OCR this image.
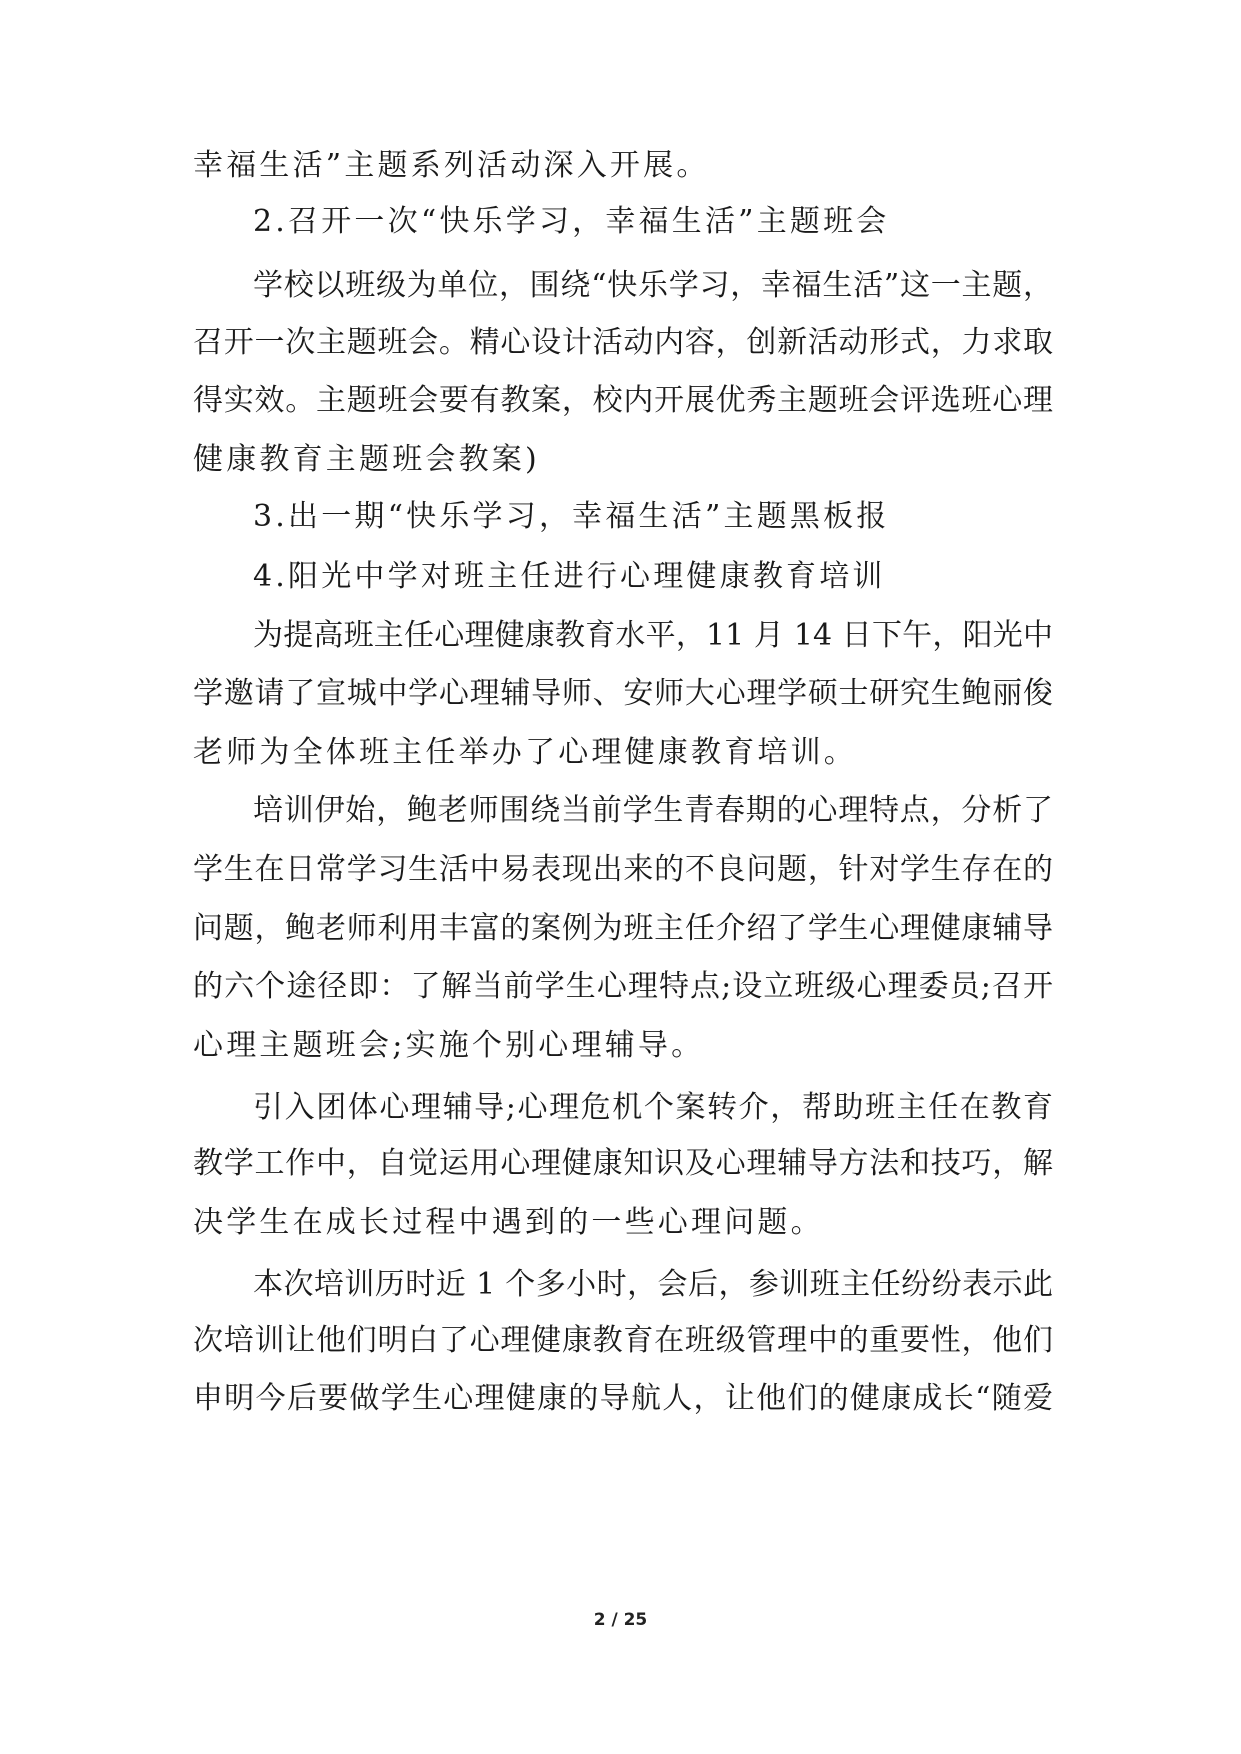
幸福生活”主题系列活动深入开展。
2.召开一次“快乐学习，幸福生活”主题班会
学校以班级为单位，围绕“快乐学习，幸福生活”这一主题，
召开一次主题班会。精心设计活动内容，创新活动形式，力求取
得实效。主题班会要有教案，校内开展优秀主题班会评选班心理
健康教育主题班会教案)
3.出一期“快乐学习，幸福生活”主题黑板报
4.阳光中学对班主任进行心理健康教育培训
为提高班主任心理健康教育水平，11 月 14 日下午，阳光中
学邀请了宣城中学心理辅导师、安师大心理学硕士研究生鲍丽俊
老师为全体班主任举办了心理健康教育培训。
培训伊始，鲍老师围绕当前学生青春期的心理特点，分析了
学生在日常学习生活中易表现出来的不良问题，针对学生存在的
问题，鲍老师利用丰富的案例为班主任介绍了学生心理健康辅导
的六个途径即：了解当前学生心理特点;设立班级心理委员;召开
心理主题班会;实施个别心理辅导。
引入团体心理辅导;心理危机个案转介，帮助班主任在教育
教学工作中，自觉运用心理健康知识及心理辅导方法和技巧，解
决学生在成长过程中遇到的一些心理问题。
本次培训历时近 1 个多小时，会后，参训班主任纷纷表示此
次培训让他们明白了心理健康教育在班级管理中的重要性，他们
申明今后要做学生心理健康的导航人，让他们的健康成长“随爱
2 / 25
